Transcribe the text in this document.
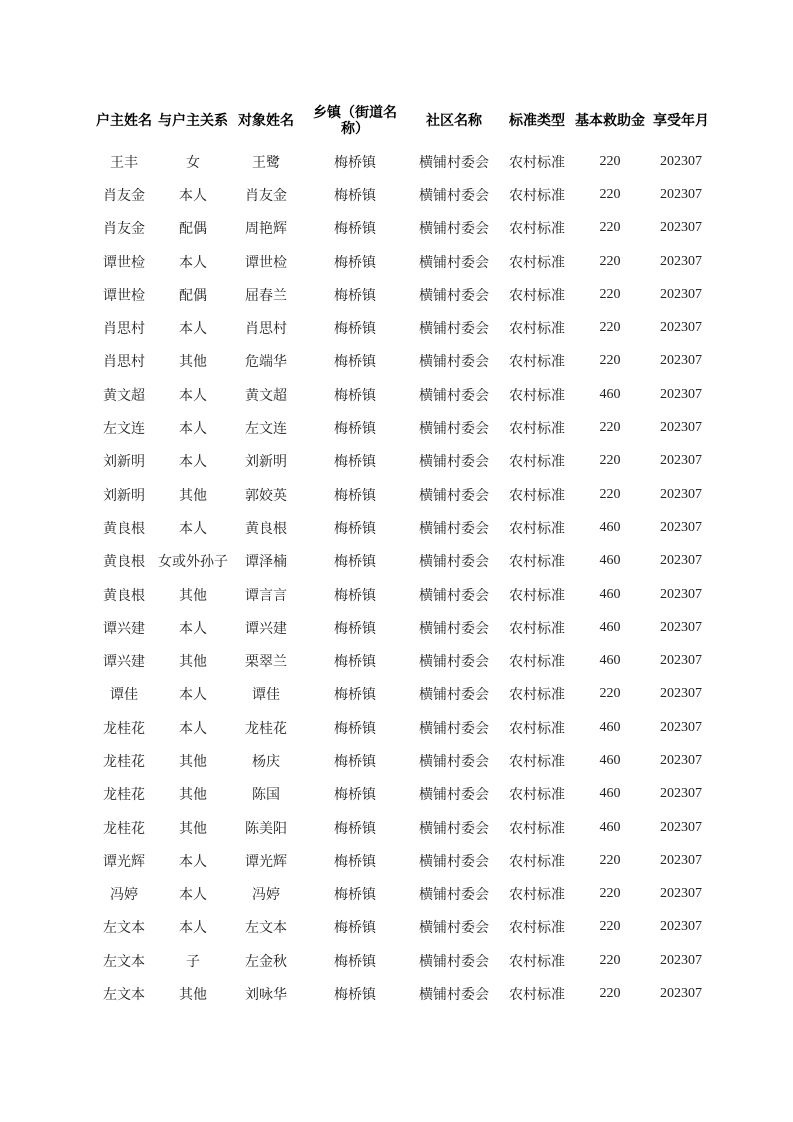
户主姓名	与户主关系	对象姓名	乡镇（街道名称）	社区名称	标准类型	基本救助金	享受年月
王丰	女	王鹭	梅桥镇	横铺村委会	农村标准	220	202307
肖友金	本人	肖友金	梅桥镇	横铺村委会	农村标准	220	202307
肖友金	配偶	周艳辉	梅桥镇	横铺村委会	农村标准	220	202307
谭世检	本人	谭世检	梅桥镇	横铺村委会	农村标准	220	202307
谭世检	配偶	屈春兰	梅桥镇	横铺村委会	农村标准	220	202307
肖思村	本人	肖思村	梅桥镇	横铺村委会	农村标准	220	202307
肖思村	其他	危端华	梅桥镇	横铺村委会	农村标准	220	202307
黄文超	本人	黄文超	梅桥镇	横铺村委会	农村标准	460	202307
左文连	本人	左文连	梅桥镇	横铺村委会	农村标准	220	202307
刘新明	本人	刘新明	梅桥镇	横铺村委会	农村标准	220	202307
刘新明	其他	郭姣英	梅桥镇	横铺村委会	农村标准	220	202307
黄良根	本人	黄良根	梅桥镇	横铺村委会	农村标准	460	202307
黄良根	女或外孙子	谭泽楠	梅桥镇	横铺村委会	农村标准	460	202307
黄良根	其他	谭言言	梅桥镇	横铺村委会	农村标准	460	202307
谭兴建	本人	谭兴建	梅桥镇	横铺村委会	农村标准	460	202307
谭兴建	其他	栗翠兰	梅桥镇	横铺村委会	农村标准	460	202307
谭佳	本人	谭佳	梅桥镇	横铺村委会	农村标准	220	202307
龙桂花	本人	龙桂花	梅桥镇	横铺村委会	农村标准	460	202307
龙桂花	其他	杨庆	梅桥镇	横铺村委会	农村标准	460	202307
龙桂花	其他	陈国	梅桥镇	横铺村委会	农村标准	460	202307
龙桂花	其他	陈美阳	梅桥镇	横铺村委会	农村标准	460	202307
谭光辉	本人	谭光辉	梅桥镇	横铺村委会	农村标准	220	202307
冯婷	本人	冯婷	梅桥镇	横铺村委会	农村标准	220	202307
左文本	本人	左文本	梅桥镇	横铺村委会	农村标准	220	202307
左文本	子	左金秋	梅桥镇	横铺村委会	农村标准	220	202307
左文本	其他	刘咏华	梅桥镇	横铺村委会	农村标准	220	202307
